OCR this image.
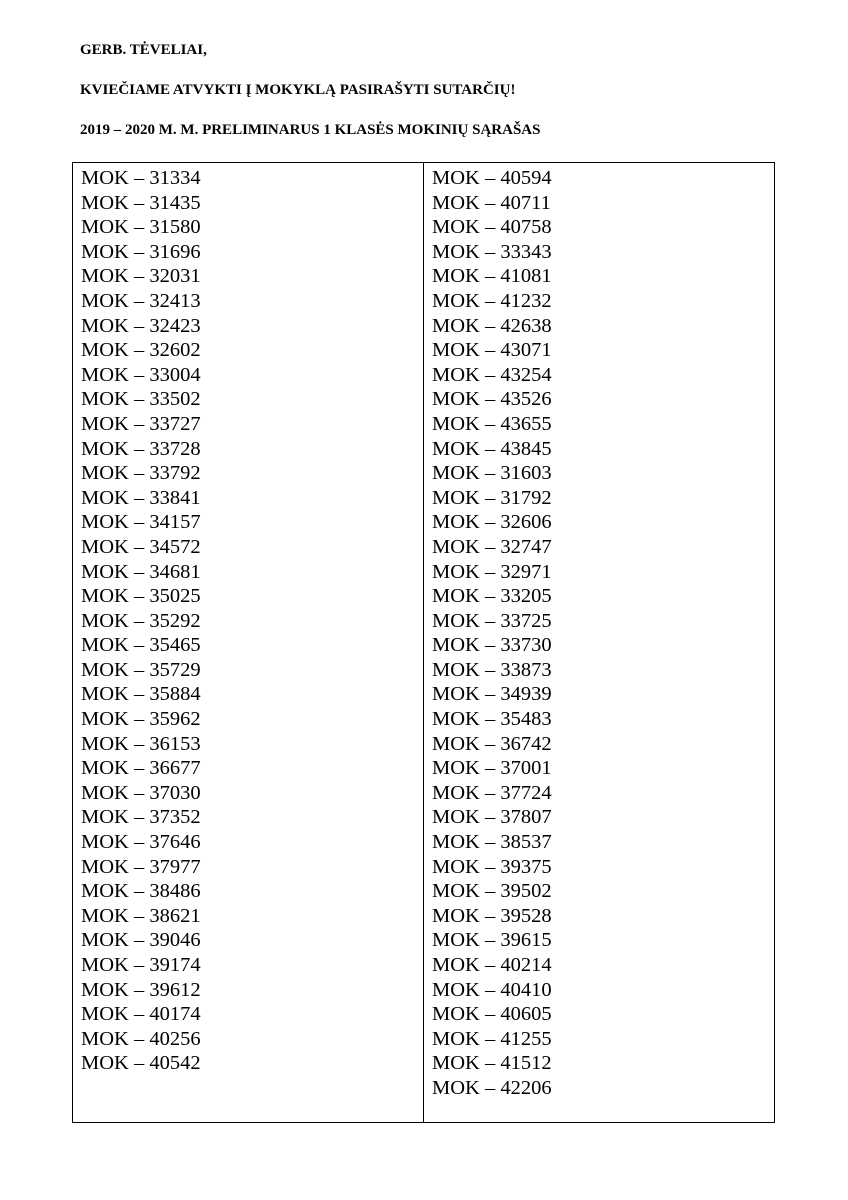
GERB. TĖVELIAI,
KVIEČIAME ATVYKTI Į MOKYKLĄ PASIRAŠYTI SUTARČIŲ!
2019 – 2020 M. M. PRELIMINARUS 1 KLASĖS MOKINIŲ SĄRAŠAS
MOK – 31334
MOK – 31435
MOK – 31580
MOK – 31696
MOK – 32031
MOK – 32413
MOK – 32423
MOK – 32602
MOK – 33004
MOK – 33502
MOK – 33727
MOK – 33728
MOK – 33792
MOK – 33841
MOK – 34157
MOK – 34572
MOK – 34681
MOK – 35025
MOK – 35292
MOK – 35465
MOK – 35729
MOK – 35884
MOK – 35962
MOK – 36153
MOK – 36677
MOK – 37030
MOK – 37352
MOK – 37646
MOK – 37977
MOK – 38486
MOK – 38621
MOK – 39046
MOK – 39174
MOK – 39612
MOK – 40174
MOK – 40256
MOK – 40542
MOK – 40594
MOK – 40711
MOK – 40758
MOK – 33343
MOK – 41081
MOK – 41232
MOK – 42638
MOK – 43071
MOK – 43254
MOK – 43526
MOK – 43655
MOK – 43845
MOK – 31603
MOK – 31792
MOK – 32606
MOK – 32747
MOK – 32971
MOK – 33205
MOK – 33725
MOK – 33730
MOK – 33873
MOK – 34939
MOK – 35483
MOK – 36742
MOK – 37001
MOK – 37724
MOK – 37807
MOK – 38537
MOK – 39375
MOK – 39502
MOK – 39528
MOK – 39615
MOK – 40214
MOK – 40410
MOK – 40605
MOK – 41255
MOK – 41512
MOK – 42206
